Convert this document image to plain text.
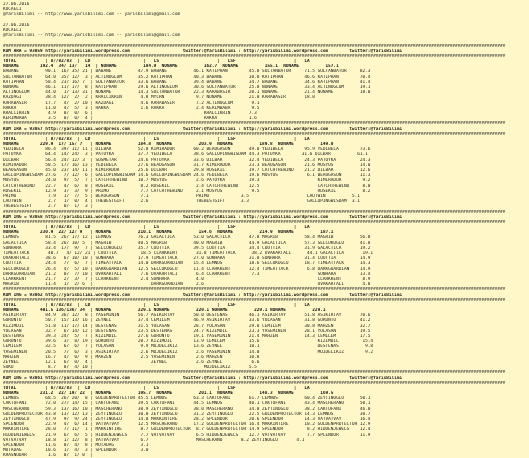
27.06.2016
KOCAELİ
@YarisBilimi -- http://www.yarisbilimi.com -- yarisbilimi@gmail.com
27.06.2016
KOCAELİ
@YarisBilimi -- http://www.yarisbilimi.com -- yarisbilimi@gmail.com
##############################################################################################################################################################################################
KUM ARA = 93059 http://yarisbilimi.wordpress.com                    twitter:@YarisBilimi : http://yarisbilimi.wordpress.com        twitter:@YarisBilimi
##############################################################################################################################################################################################
TOTAL           | 8//82/83  |  LD                    |   LS                      |   LSF                      |   LA
NONAME        192.4  34/ 13/   14  | NONAME          184.9  NONAME          162.7  NONAME          155.1  NONAME          157.1
BABANE          90.1  16/ 35/ 21 | BABANE          47.9 BABANE          46.1 KATIPHAN        45.8 SULTANBATUR     71.5 SULTANBATUR     82.3
SULTANBATUR     64.0  35/ 12/  3 | ALTINOGLUM      35.2 KATIPHAN        40.3 BABANE          38.8 KATIPHAN        46.6 KATIPHAN        70.4
KATIPHAN        58.4  23/ 16/ 7  | SULTANBATUR     33.6 BABANE          39.4 BABANE          34.7 BABANE          34.6 KATIPHAN        41.4
NONAME          46.1  11/ 17/  8 | KATIPHAN        29.6 ALTINOGLUM      30.6 SULTANBATUR     25.8 NONAME          33.4 ALTINOGLUM      19.1
ALTINOGLUM      44.0   1/ 13/ 31 | NONAME          14.3 SULTANBATUR     22.3 KARABASIR       20.1 NONAME          21.4 NONAME          18.0
KAZDAGI         38.4  12/  2/  2 | KRALCIKRIN       4.8 MYCRN            9.7 NONAME          21.0 KARABASIR       18.0
KARABASIR       17.7   4/  2/ 10 | KAZDAGI          4.6 KARABASIR        7.2 ALTINOGLUM       9.1
RAKKA           11.0   4/  5/  3 | RAKKA            1.6 RAKKA            2.4 KERIMBABA        9.5
KRALCIKRIN       4.9   0/  0/  6 |                                          KRALCIKRIN       7.3
KERIMBABA        3.5   0/  0/  4 |                                          RAKKA            1.6
##############################################################################################################################################################################################
KUM IRA = 93057 http://yarisbilimi.wordpress.com                    twitter:@YarisBilimi : http://yarisbilimi.wordpress.com        twitter:@YarisBilimi
##############################################################################################################################################################################################
TOTAL           | 8//82/83  |  LD                    |   LS                      |   LSF                      |   LA
NONAME        229.9  17/ 15/ 7   | NONAME          184.8  NONAME          203.9  NONAME          189.8  NONAME          149.0
YEDIBELA        86.4  39/ 11/ 11 | DILBAR          52.8 KIMIRADOR       60.2 BEAUGASON       49.0 YEDIBELA        95.9 YEDIBELA        73.6
PATOYKA         64.4  14/ 24/  3 | PATOYKA         37.7 YEDIBELA        38.6 GALLOPINGWISDAM 44.3 PATOYKA        31.6 DILBAR          61.1
DILBAR          56.4  24/ 12/ 3  | SOSMETAR        24.6 PATOYKA         33.6 DILBAR          32.4 YEDIBELA        24.3 PATOYKA         24.3
KIMIRADOR       50.5  17/ 16/ 13 | YEDIBELA        27.6 BEAUGASON       31.7 KIMIRADOR       23.3 BEAUGASON       21.6 MOSYUS          14.0
BEAUGASON       45.0  23/ 14/ 11 | KIMIRADOR       25.6 DILBAR          29.8 ROSEKIL         19.7 CATCHTHEWIND    21.2 DILBAR          12.6
GALLOPINGWISDAM 27.6   7/ 12/  6 | GALLOPINGWISDAM 14.6 GALLOPINGWISDAM 24.6 YEDIBELA        19.6 MOSYUS           6.1 BEAUGASON       11.3
MOSYUS          24.0   9/  5/  7 | CATCHTHEWIND    10.7 MOSYUS           2.6 PATOYKA         19.3                      KIMIRADOR        9.2
CATCHTHEWIND    22.7   4/  6/  8 | ROSEKIL          8.2 ROSEKIL          2.4 CATCHTHEWIND    12.5                      CATCHTHEWIND     8.0
ROSEKIL         12.9   3/  3/  9 | PRIMO            7.7 CATCHTHEWIND     2.1 MOSYUS           9.5                      ROSEKIL          8.2
PRIMO            7.9   1/  7/  5 | BEAUGASON        7.1                  PRIMO            3.5                      LAUTWIN          5.1
LAUTWIN          2.7   1/  0/  4 | THEBESTGIFT      2.6                  THEBESTGIFT      3.3                      GALLOPINGWISDAM  3.1
THEBESTGIFT      2.7   0/  1/  3 |
##############################################################################################################################################################################################
KUM ING = 93058 http://yarisbilimi.wordpress.com                    twitter:@YarisBilimi : http://yarisbilimi.wordpress.com        twitter:@YarisBilimi
##############################################################################################################################################################################################
TOTAL           | 8//82/83  |  LD                    |   LS                      |   LSF                      |   LA
NONAME        230.9  22/ 12/ 9   | NONAME          210.1  NONAME          154.6  NONAME          214.9  NONAME          187.1
LEMNOS          81.5  26/ 17/ 12 | LEMNOS          76.3 GALACTICA       53.0 GALACTICA       47.8 MAGRIB          58.4 MAGRIB          56.0
GALACTICA       58.4  26/ 10/ 5  | MAGRIB          40.5 MAGRIB          40.0 MAGRIB          44.9 GALACTICA       57.3 SELCUKOGLU      41.8
SUNHARA         33.4  17/  9/  7 | SELCUKOGLU      35.7 COUTTIA         39.5 COUTTIA         34.4 COUTTIA         31.9 GALACTICA       19.2
TIMEATTACK       40.7   4/ 12/ 21 | COUTTIA         18.5 CLARKKENT       31.8 TIMEATTACK      38.2 OVAKARTALI      44.1 GALACTICA       19.1
OVAKARTALI      38.6   6/ 10/ 10 | SUNHARA         17.9 TIMEATTACK      27.0 SUNHARA         31.0 SUNHARA         31.4 COUTTIA         14.9
COUTTIA         24.4   7/  6/  7 | TIMEATTACK      14.0 DARKGUARDIAN    15.4 LEMNOS          18.6 SELCUKOGLU      18.7 TIMEATTACK      14.3
SELCUKOGLU      26.4   4/  5/ 10 | DARKGUARDIAN    12.5 SELCUKOGLU      11.4 CLARKKENT       12.4 TIMEATTACK       6.8 DARKGUARDIAN    14.9
DARKGUARDIAN    21.2   0/  7/ 10 | OVAKARTALI       7.6 OVAKARTALI       6.4 CLARKKENT        7.3                      SUNHARA         13.4
CLARKKENT       21.7   2/  3/  7 | CLARKKENT        2.4 SUNHARA          4.0                                           CLARKKENT        8.9
MAGRIB          11.4   1/  2/ 6  |                      DARKGUARDIAN     2.6                                           OVAKARTALI       4.8
##############################################################################################################################################################################################
KUM ING = 93062 http://yarisbilimi.wordpress.com                    twitter:@YarisBilimi : http://yarisbilimi.wordpress.com        twitter:@YarisBilimi
##############################################################################################################################################################################################
TOTAL           | 8//82/83  |  LD                    |   LS                      |   LSF                      |   LA
NONAME        401.5 136/136/ 34  | NONAME          229.1 NONAME          229.1 NONAME          229.1 NONAME          229.1
ASIKIRTAY       84.9  36/ 12/  8 | YASEMININ       56.7 ASIKIRTAY       50.0 DESTENAS        46.1 ASIKIRTAY       51.8 ASIKIRTAY       70.6
GORUNTU         50.7  15/ 13/ 16 | ZEYNEL          37.4 CEMILEM         46.9 ASIKIRTAY       33.6 YOLASAN         31.8 GORUNTU         41.2
KIZIMDIL        51.8  11/ 17/ 14 | DESTENAS        31.5 YOLASAN         28.7 YOLASAN         29.0 CEMILEM         30.8 MAHZEN          32.7
YOLASAN         32.7   6/ 14/ 12 | DESTENAS        23.5 DESTENAS        24.7 KIZIMDIL        23.3 YASEMININ       28.1 YOLASAN         19.5
DESTENAS        39.3  24/  5/  7 | KIZIMDIL        27.6 GORUNTU         19.1 YASEMININ       21.4 MAHZEN          14.3 CEMILEM         17.5
GORUNTU         39.6   3/  8/ 19 | GORUNTU         20.7 KIZIMDIL        13.9 CEMILEM         15.6                      KIZIMDIL         15.4
CEMILEM         32.5   6/  6/  7 | YOLASAN          9.9 MUJDELIKIZ      13.6 ZEYNEL          10.1                      DESTENAS          9.8
YASEMININ       20.5   7/  6/  3 | ASIKIRTAY        2.6 MUJDELIKIZ       2.6 YASEMININ       14.0                      MUJDELIKIZ        9.2
MAHZEN          16.7   4/  0/  9 | MAHZEN           2.5 YASEMININ        2.6 MAHZEN          10.8
ZEYNEL          12.1   6/  0/  4 |                      ZEYNEL           2.6 ZEYNEL           6.6
SOKU             8.7   0/  4/ 10 |                                          MUJDELIKIZ       5.5
##############################################################################################################################################################################################
KUM ING = 93061 http://yarisbilimi.wordpress.com                    twitter:@YarisBilimi : http://yarisbilimi.wordpress.com        twitter:@YarisBilimi
##############################################################################################################################################################################################
TOTAL           | 8//82/83  |  LD                    |   LS                      |   LSF                      |   LA
NONAME        231.2  22/ 19/ 22  | NONAME          195.7  NONAME          201.1  NONAME          148.3  NONAME          169.5
LEMNOS          68.5  26/ 20/  8 | GOLDENPROTECTOR 45.5 LEMNOS          63.3 CAKTUFANI       61.7 LEMNOS          60.4 ZEYTINOGLU      50.1
CAKTUFANI       72.0  27/ 14/ 15 | CAKTUFANI       39.5 CAKTUFANI       44.5 LEMNOS          40.1 CAKTUFANI       43.4 MASCHERANO      50.1
MASCHERANO      59.3  13/ 16/ 10 | MASCHERANO      38.9 ZEYTINOGLU      38.0 MASCHERANO      34.0 ZEYTINOGLU      38.2 CAKTUFANI       46.0
GOLDENPROTECTOR 43.8  13/ 12/ 13 | ZEYTINOGLU      30.0 ZEYTINOGLU      31.2 ZEYTINOGLU      22.5 GOLDENPROTECTOR 14.3 LEMNOS          30.7
ZEYTINOGLU      47.9   9/  9/ 24 | ZEYTINOGLU      14.8 MAKKINTIRE      28.2 SPLENDOR        20.6 SPLENDOR        14.3 VATVATVAY       16.4
SPLENDOR        22.9   4/  6/ 14 | VATVATVAY       12.5 MASCHERANO      17.2 GOLDENPROTECTOR 16.4 MAKKINTIRE      10.2 GOLDENPROTECTOR 12.9
MAKKINTIRE      28.0   7/ 11/  1 | MAKKINTIRE       8.7 GOLDENPROTECTOR  8.7 GOLDENPROTECTOR 14.9 SPLENDOR         8.2 HIDDENJEWELS    12.4
HIDDENJEWELS    21.9   6/  6/  5 | HIDDENJEWELS     7.7 VATVATVAY        6.5 HIDDENJEWELS    12.7 VATVATVAY        7.7 SPLENDOR        11.9
VATVATVAY       18.8   1/ 12/  8 | VATVATVAY        6.7                  MASCHERANO       8.2 ZEYTINOGLU       4.1
SPLENDOR        11.6   0/  4/  8 | MUTADAG          3.1
MUTADAG         10.6   1/  4/  3 | SPLENDOR         3.0
KRASNODAR        1.6   0/  1/ 0  |
